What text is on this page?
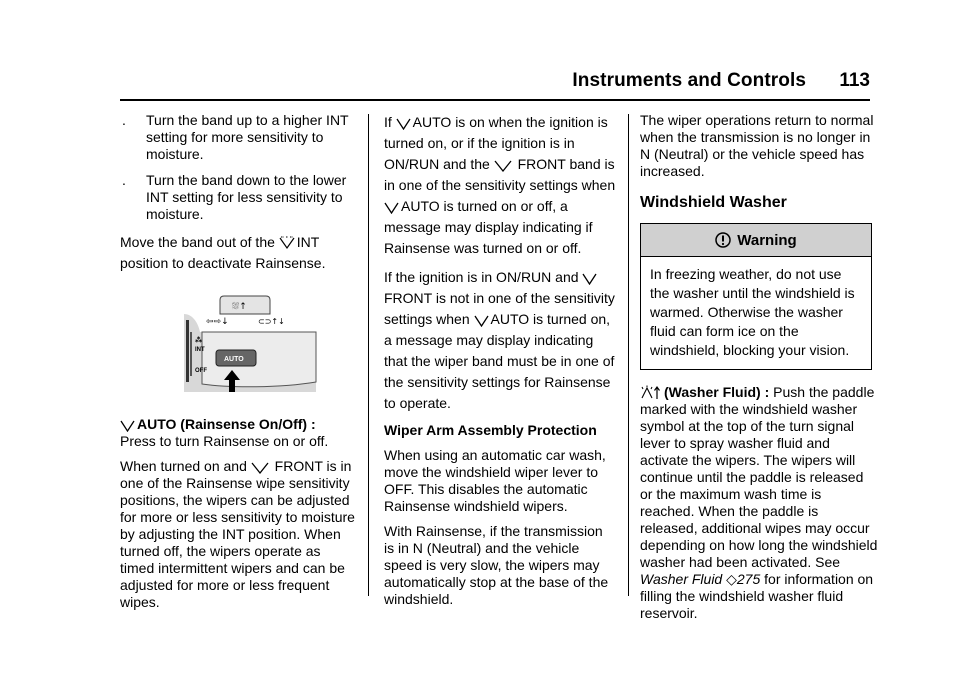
Instruments and Controls 113
. Turn the band up to a higher INT setting for more sensitivity to moisture.
. Turn the band down to the lower INT setting for less sensitivity to moisture.
Move the band out of the INT position to deactivate Rainsense.
⛆↑
⇦⇨↓	⊂⊃↑↓
⁂
INT
OFF
AUTO
AUTO (Rainsense On/Off) :
Press to turn Rainsense on or off.
When turned on and FRONT is in one of the Rainsense wipe sensitivity positions, the wipers can be adjusted for more or less sensitivity to moisture by adjusting the INT position. When turned off, the wipers operate as timed intermittent wipers and can be adjusted for more or less frequent wipes.
If AUTO is on when the ignition is turned on, or if the ignition is in ON/RUN and the FRONT band is in one of the sensitivity settings when AUTO is turned on or off, a message may display indicating if Rainsense was turned on or off.
If the ignition is in ON/RUN and  FRONT is not in one of the sensitivity settings when AUTO is turned on, a message may display indicating that the wiper band must be in one of the sensitivity settings for Rainsense to operate.
Wiper Arm Assembly Protection
When using an automatic car wash, move the windshield wiper lever to OFF. This disables the automatic Rainsense windshield wipers.
With Rainsense, if the transmission is in N (Neutral) and the vehicle speed is very slow, the wipers may automatically stop at the base of the windshield.
The wiper operations return to normal when the transmission is no longer in N (Neutral) or the vehicle speed has increased.
Windshield Washer
Warning
In freezing weather, do not use the washer until the windshield is warmed. Otherwise the washer fluid can form ice on the windshield, blocking your vision.
(Washer Fluid) : Push the paddle marked with the windshield washer symbol at the top of the turn signal lever to spray washer fluid and activate the wipers. The wipers will continue until the paddle is released or the maximum wash time is reached. When the paddle is released, additional wipes may occur depending on how long the windshield washer had been activated. See Washer Fluid ◇275 for information on filling the windshield washer fluid reservoir.
